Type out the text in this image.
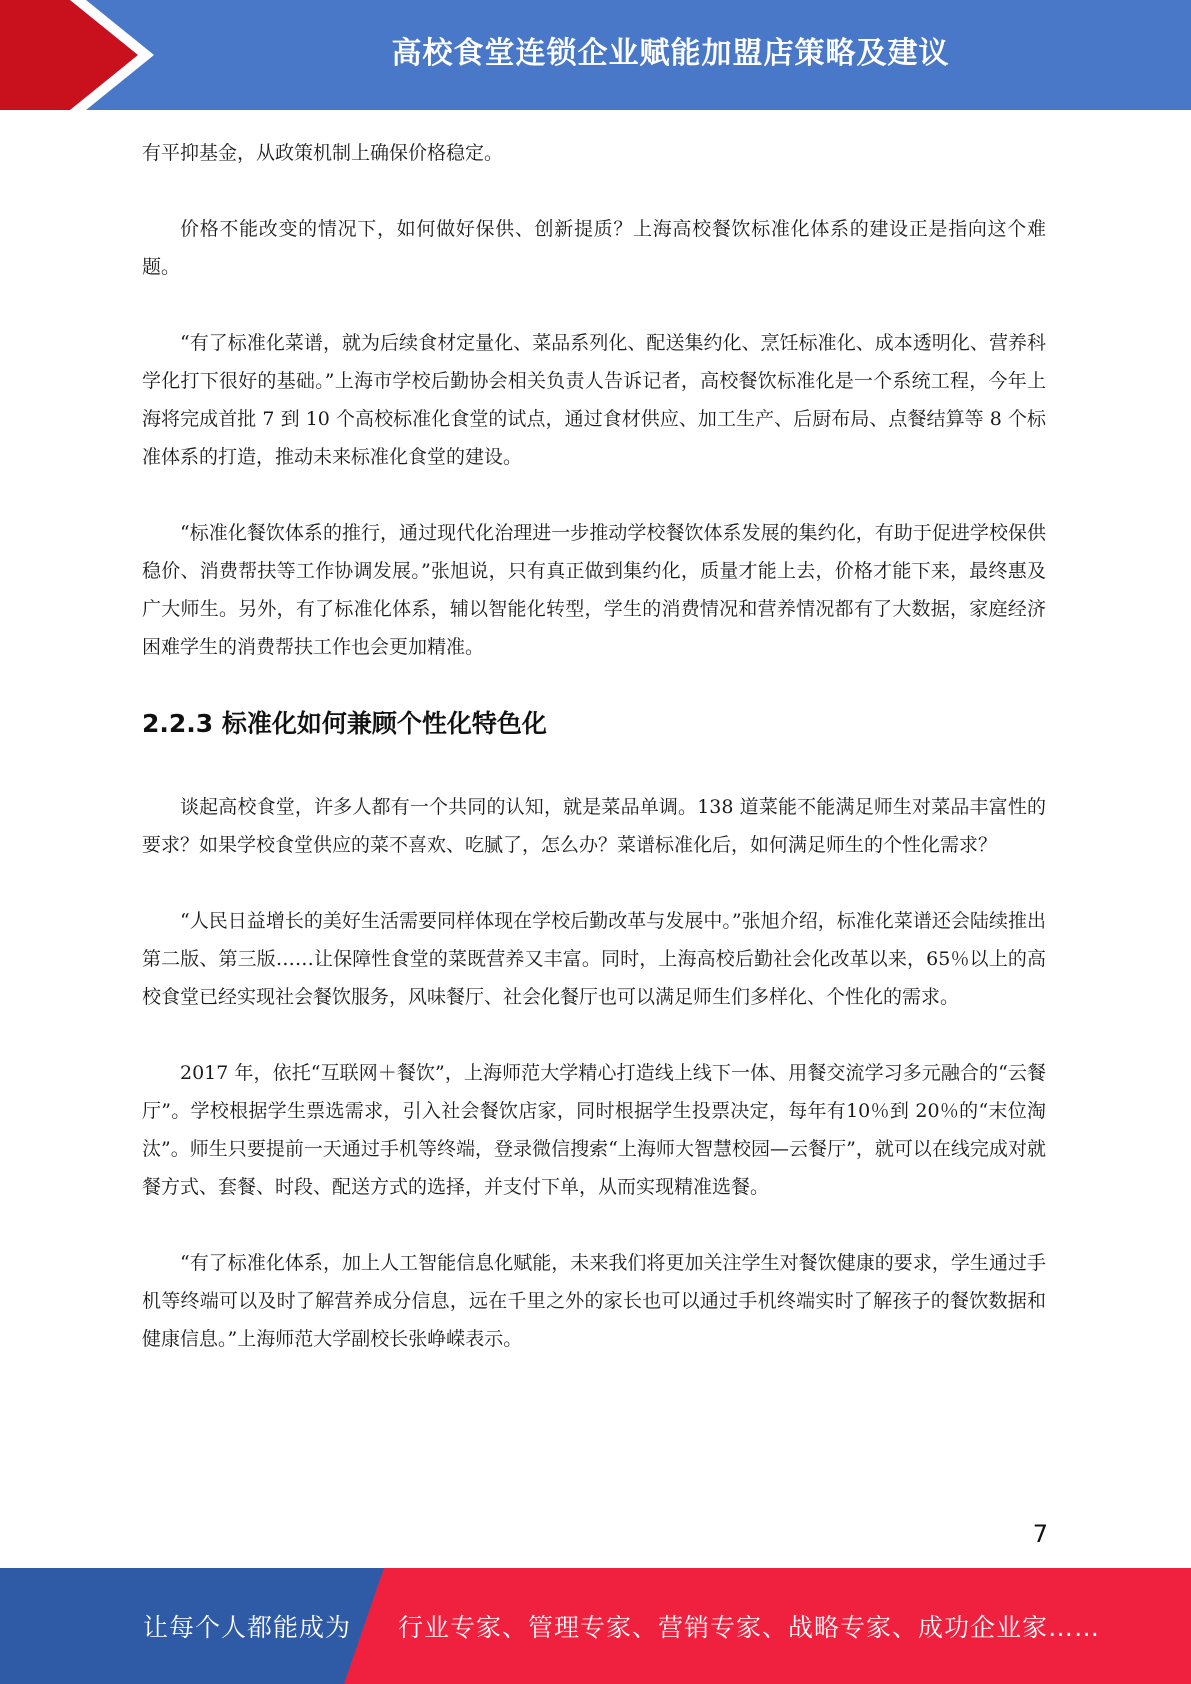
高校食堂连锁企业赋能加盟店策略及建议

有平抑基金，从政策机制上确保价格稳定。

价格不能改变的情况下，如何做好保供、创新提质？上海高校餐饮标准化体系的建设正是指向这个难题。

“有了标准化菜谱，就为后续食材定量化、菜品系列化、配送集约化、烹饪标准化、成本透明化、营养科学化打下很好的基础。”上海市学校后勤协会相关负责人告诉记者，高校餐饮标准化是一个系统工程，今年上海将完成首批 7 到 10 个高校标准化食堂的试点，通过食材供应、加工生产、后厨布局、点餐结算等 8 个标准体系的打造，推动未来标准化食堂的建设。

“标准化餐饮体系的推行，通过现代化治理进一步推动学校餐饮体系发展的集约化，有助于促进学校保供稳价、消费帮扶等工作协调发展。”张旭说，只有真正做到集约化，质量才能上去，价格才能下来，最终惠及广大师生。另外，有了标准化体系，辅以智能化转型，学生的消费情况和营养情况都有了大数据，家庭经济困难学生的消费帮扶工作也会更加精准。

2.2.3 标准化如何兼顾个性化特色化

谈起高校食堂，许多人都有一个共同的认知，就是菜品单调。138 道菜能不能满足师生对菜品丰富性的要求？如果学校食堂供应的菜不喜欢、吃腻了，怎么办？菜谱标准化后，如何满足师生的个性化需求？

“人民日益增长的美好生活需要同样体现在学校后勤改革与发展中。”张旭介绍，标准化菜谱还会陆续推出第二版、第三版……让保障性食堂的菜既营养又丰富。同时，上海高校后勤社会化改革以来，65％以上的高校食堂已经实现社会餐饮服务，风味餐厅、社会化餐厅也可以满足师生们多样化、个性化的需求。

2017 年，依托“互联网＋餐饮”，上海师范大学精心打造线上线下一体、用餐交流学习多元融合的“云餐厅”。学校根据学生票选需求，引入社会餐饮店家，同时根据学生投票决定，每年有10％到 20％的“末位淘汰”。师生只要提前一天通过手机等终端，登录微信搜索“上海师大智慧校园—云餐厅”，就可以在线完成对就餐方式、套餐、时段、配送方式的选择，并支付下单，从而实现精准选餐。

“有了标准化体系，加上人工智能信息化赋能，未来我们将更加关注学生对餐饮健康的要求，学生通过手机等终端可以及时了解营养成分信息，远在千里之外的家长也可以通过手机终端实时了解孩子的餐饮数据和健康信息。”上海师范大学副校长张峥嵘表示。

7
让每个人都能成为 行业专家、管理专家、营销专家、战略专家、成功企业家……
